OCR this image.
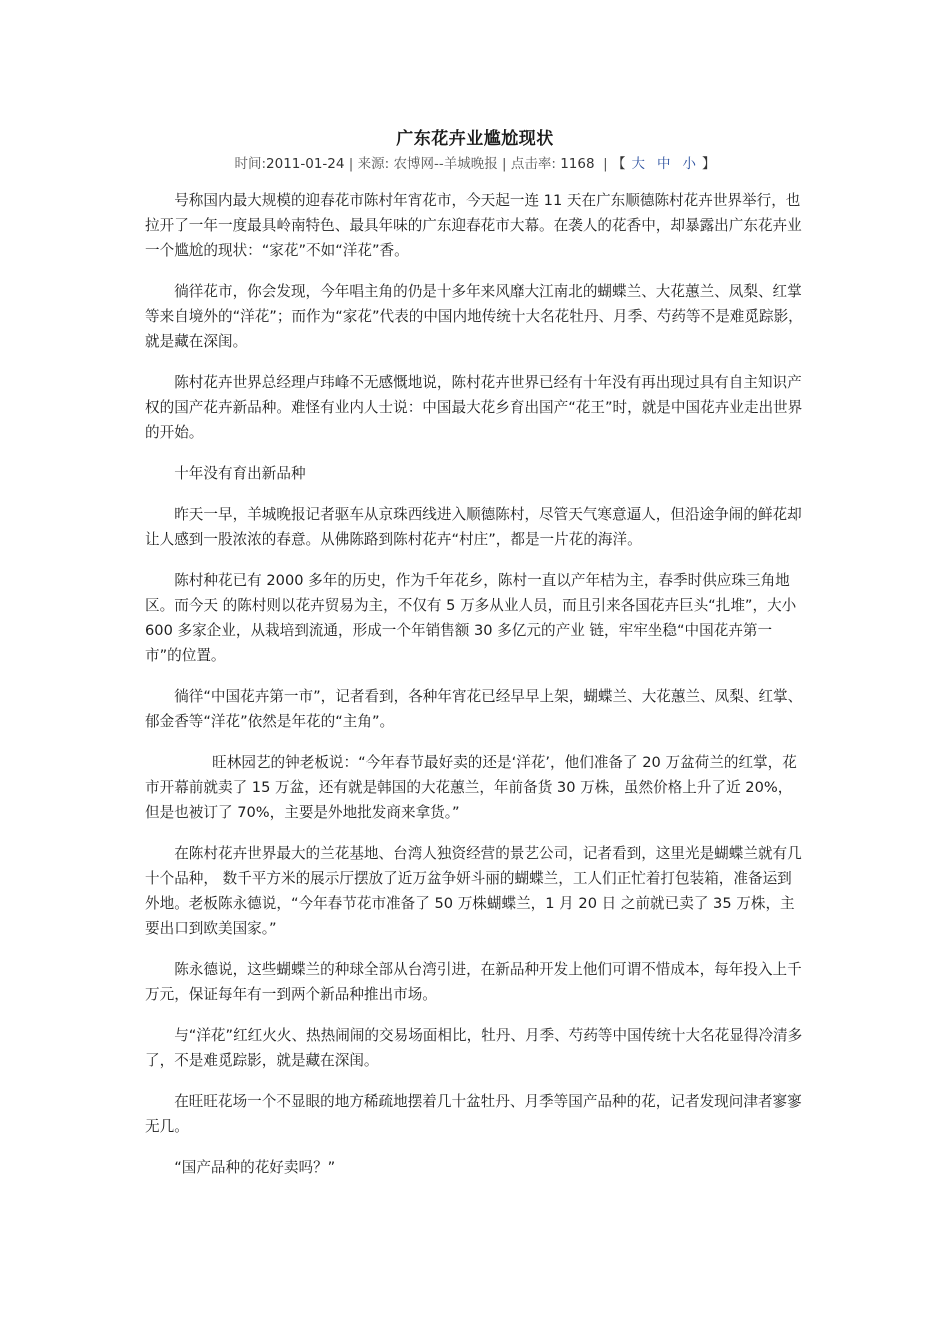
广东花卉业尴尬现状
时间:2011-01-24 | 来源: 农博网--羊城晚报 | 点击率: 1168  | 【 大 中 小 】

号称国内最大规模的迎春花市陈村年宵花市，今天起一连 11 天在广东顺德陈村花卉世界举行，也拉开了一年一度最具岭南特色、最具年味的广东迎春花市大幕。在袭人的花香中，却暴露出广东花卉业一个尴尬的现状：“家花”不如“洋花”香。

徜徉花市，你会发现，今年唱主角的仍是十多年来风靡大江南北的蝴蝶兰、大花蕙兰、凤梨、红掌等来自境外的“洋花”；而作为“家花”代表的中国内地传统十大名花牡丹、月季、芍药等不是难觅踪影，就是藏在深闺。

陈村花卉世界总经理卢玮峰不无感慨地说，陈村花卉世界已经有十年没有再出现过具有自主知识产权的国产花卉新品种。难怪有业内人士说：中国最大花乡育出国产“花王”时，就是中国花卉业走出世界的开始。

十年没有育出新品种

昨天一早，羊城晚报记者驱车从京珠西线进入顺德陈村，尽管天气寒意逼人，但沿途争闹的鲜花却让人感到一股浓浓的春意。从佛陈路到陈村花卉“村庄”，都是一片花的海洋。

陈村种花已有 2000 多年的历史，作为千年花乡，陈村一直以产年桔为主，春季时供应珠三角地区。而今天 的陈村则以花卉贸易为主，不仅有 5 万多从业人员，而且引来各国花卉巨头“扎堆”，大小 600 多家企业，从栽培到流通，形成一个年销售额 30 多亿元的产业 链，牢牢坐稳“中国花卉第一市”的位置。

徜徉“中国花卉第一市”，记者看到，各种年宵花已经早早上架，蝴蝶兰、大花蕙兰、凤梨、红掌、郁金香等“洋花”依然是年花的“主角”。

旺林园艺的钟老板说：“今年春节最好卖的还是‘洋花’，他们准备了 20 万盆荷兰的红掌，花市开幕前就卖了 15 万盆，还有就是韩国的大花蕙兰，年前备货 30 万株，虽然价格上升了近 20%，但是也被订了 70%，主要是外地批发商来拿货。”

在陈村花卉世界最大的兰花基地、台湾人独资经营的景艺公司，记者看到，这里光是蝴蝶兰就有几十个品种， 数千平方米的展示厅摆放了近万盆争妍斗丽的蝴蝶兰，工人们正忙着打包装箱，准备运到外地。老板陈永德说，“今年春节花市准备了 50 万株蝴蝶兰，1 月 20 日 之前就已卖了 35 万株，主要出口到欧美国家。”

陈永德说，这些蝴蝶兰的种球全部从台湾引进，在新品种开发上他们可谓不惜成本，每年投入上千万元，保证每年有一到两个新品种推出市场。

与“洋花”红红火火、热热闹闹的交易场面相比，牡丹、月季、芍药等中国传统十大名花显得冷清多了，不是难觅踪影，就是藏在深闺。

在旺旺花场一个不显眼的地方稀疏地摆着几十盆牡丹、月季等国产品种的花，记者发现问津者寥寥无几。

“国产品种的花好卖吗？”
